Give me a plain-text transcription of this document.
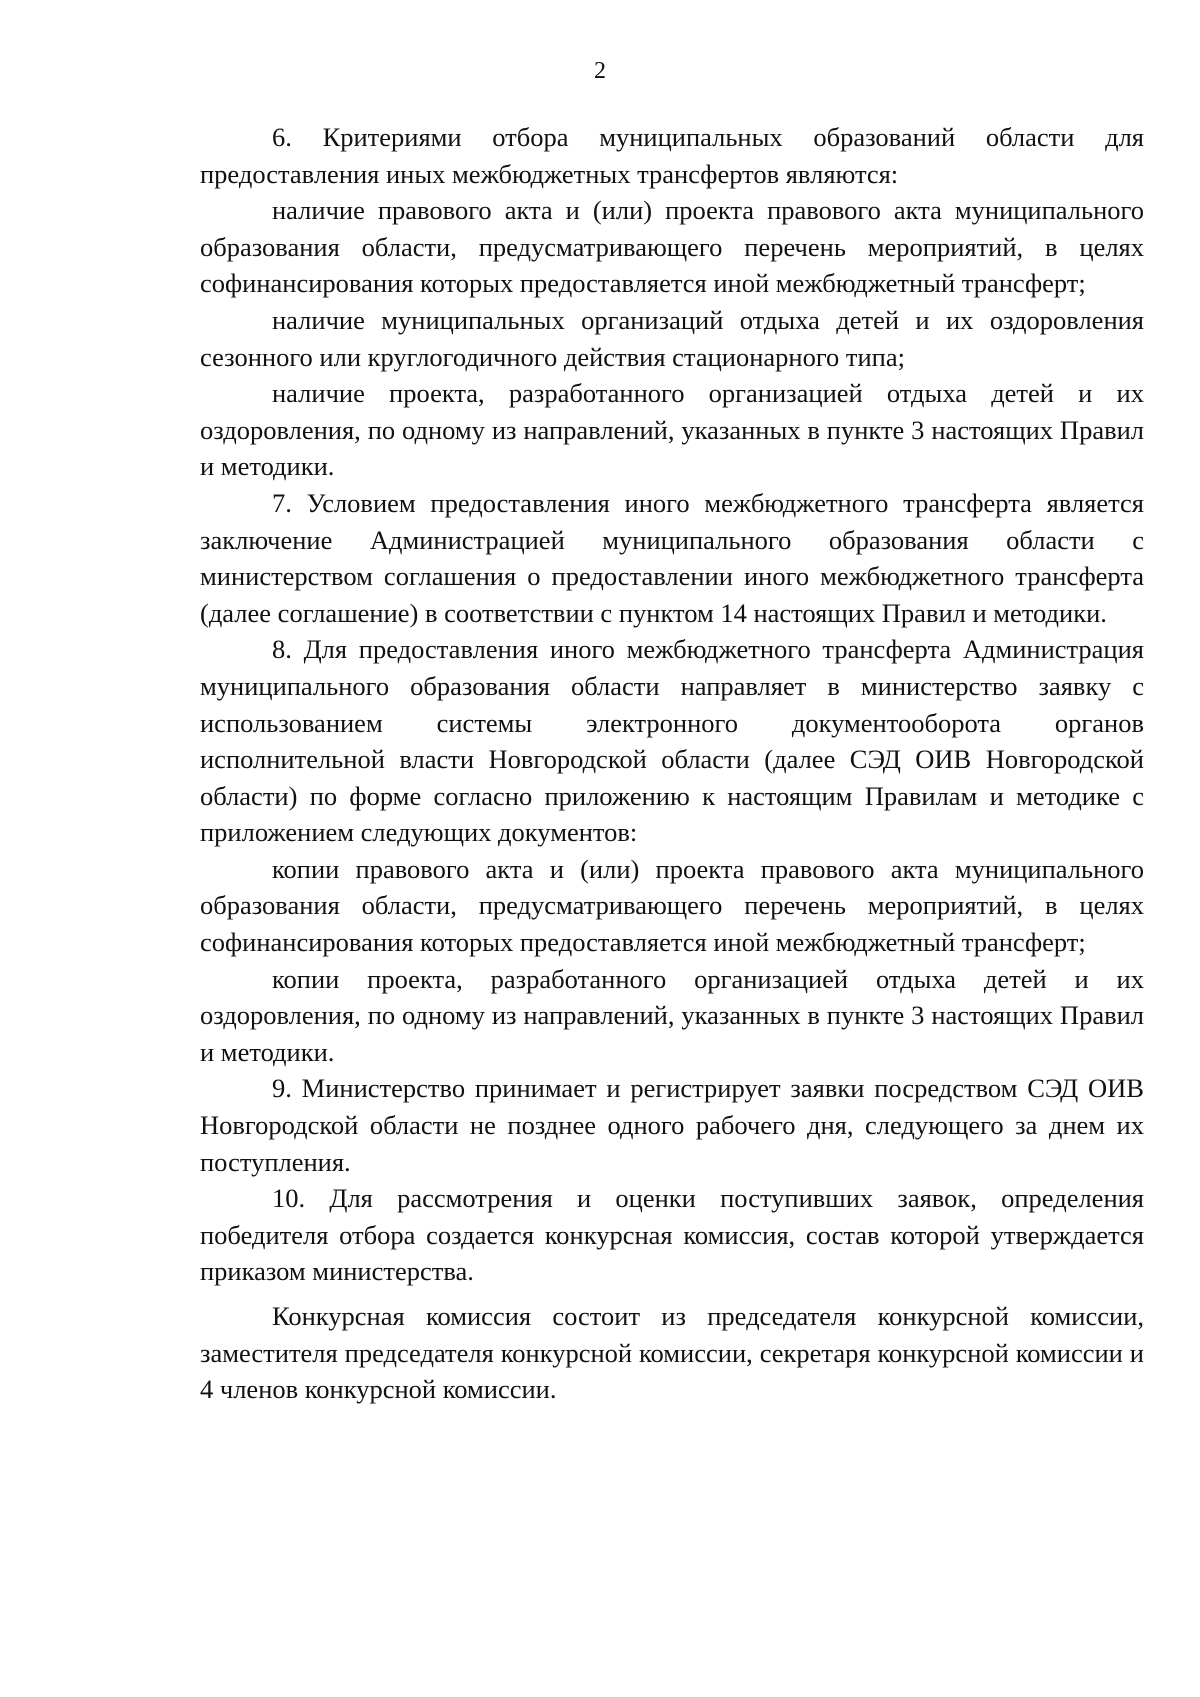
2

6. Критериями отбора муниципальных образований области для предоставления иных межбюджетных трансфертов являются:

наличие правового акта и (или) проекта правового акта муниципального образования области, предусматривающего перечень мероприятий, в целях софинансирования которых предоставляется иной межбюджетный трансферт;

наличие муниципальных организаций отдыха детей и их оздоровления сезонного или круглогодичного действия стационарного типа;

наличие проекта, разработанного организацией отдыха детей и их оздоровления, по одному из направлений, указанных в пункте 3 настоящих Правил и методики.

7. Условием предоставления иного межбюджетного трансферта является заключение Администрацией муниципального образования области с министерством соглашения о предоставлении иного межбюджетного трансферта (далее соглашение) в соответствии с пунктом 14 настоящих Правил и методики.

8. Для предоставления иного межбюджетного трансферта Администрация муниципального образования области направляет в министерство заявку с использованием системы электронного документооборота органов исполнительной власти Новгородской области (далее СЭД ОИВ Новгородской области) по форме согласно приложению к настоящим Правилам и методике с приложением следующих документов:

копии правового акта и (или) проекта правового акта муниципального образования области, предусматривающего перечень мероприятий, в целях софинансирования которых предоставляется иной межбюджетный трансферт;

копии проекта, разработанного организацией отдыха детей и их оздоровления, по одному из направлений, указанных в пункте 3 настоящих Правил и методики.

9. Министерство принимает и регистрирует заявки посредством СЭД ОИВ Новгородской области не позднее одного рабочего дня, следующего за днем их поступления.

10. Для рассмотрения и оценки поступивших заявок, определения победителя отбора создается конкурсная комиссия, состав которой утверждается приказом министерства.

Конкурсная комиссия состоит из председателя конкурсной комиссии, заместителя председателя конкурсной комиссии, секретаря конкурсной комиссии и 4 членов конкурсной комиссии.
